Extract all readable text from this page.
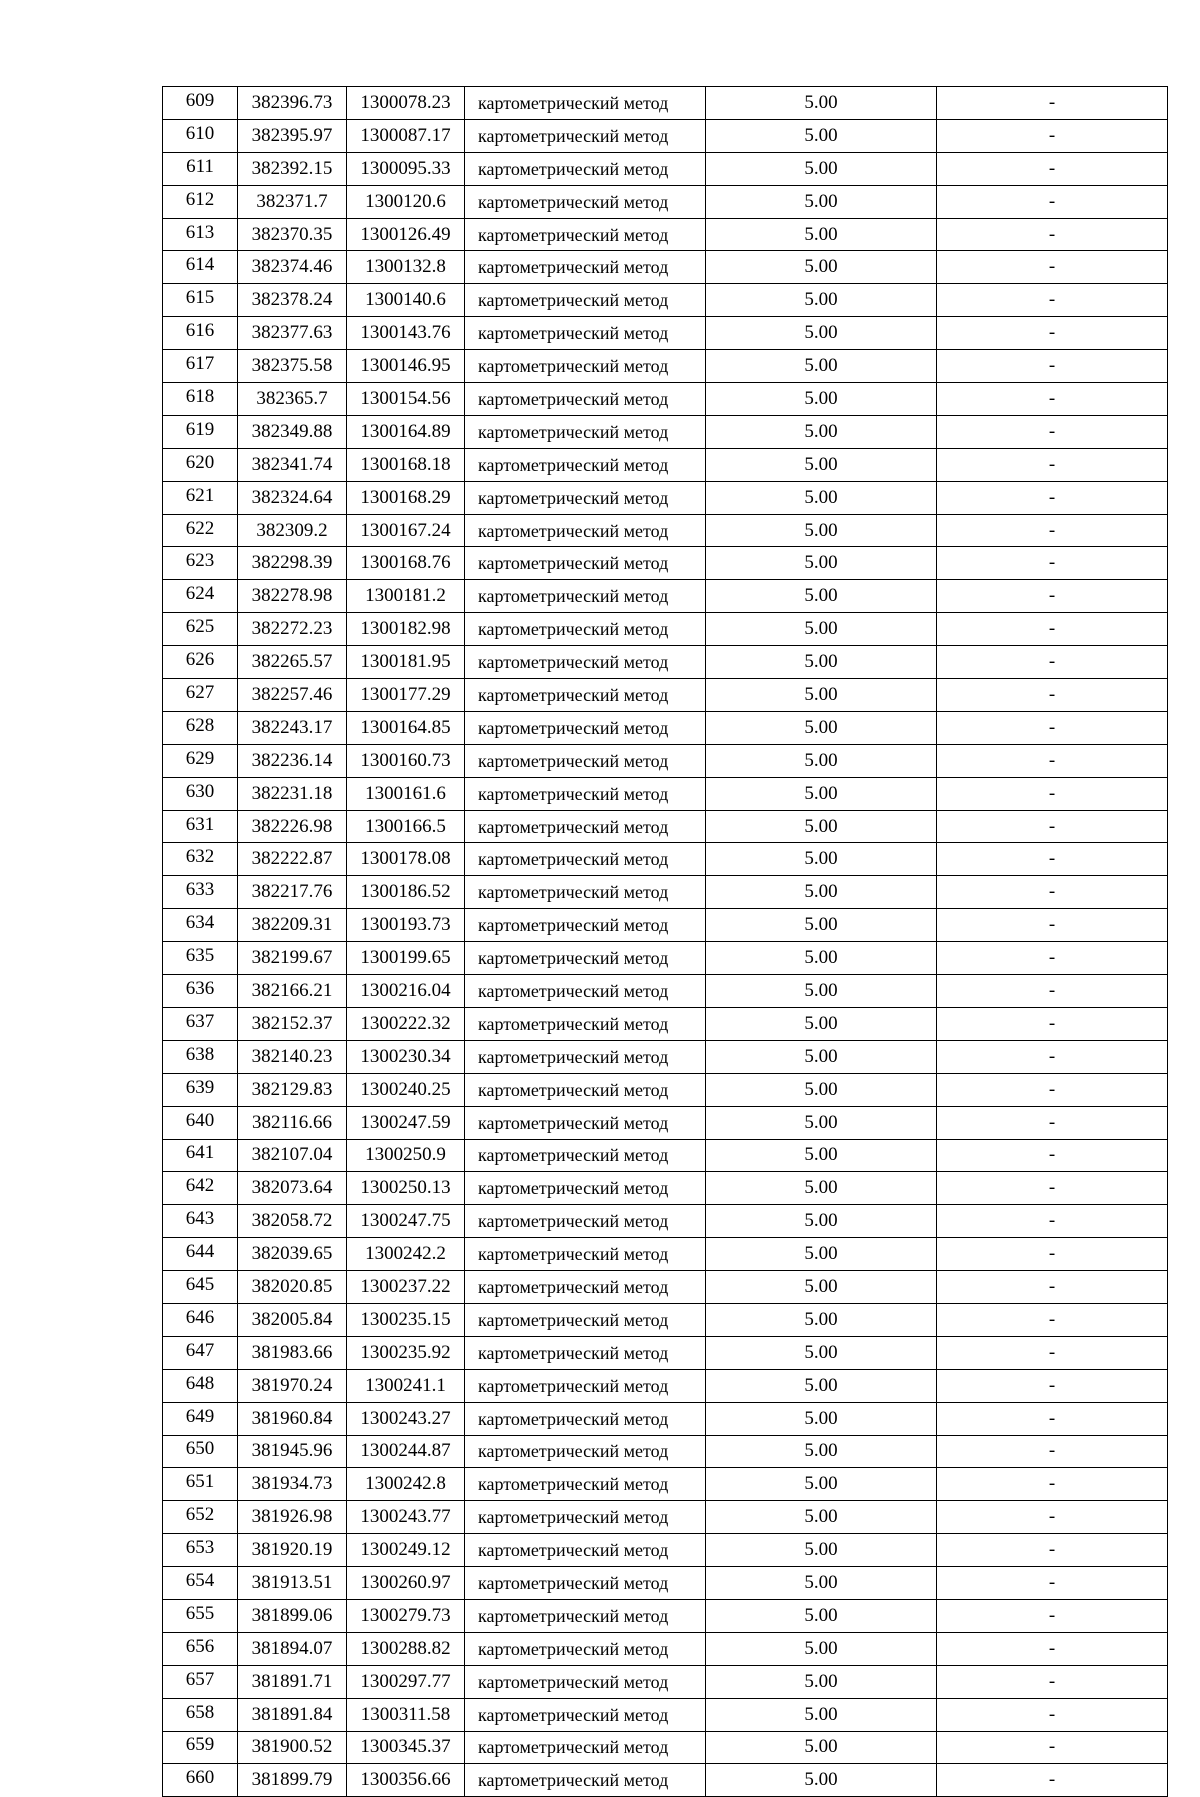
609	382396.73	1300078.23	картометрический метод	5.00	-
610	382395.97	1300087.17	картометрический метод	5.00	-
611	382392.15	1300095.33	картометрический метод	5.00	-
612	382371.7	1300120.6	картометрический метод	5.00	-
613	382370.35	1300126.49	картометрический метод	5.00	-
614	382374.46	1300132.8	картометрический метод	5.00	-
615	382378.24	1300140.6	картометрический метод	5.00	-
616	382377.63	1300143.76	картометрический метод	5.00	-
617	382375.58	1300146.95	картометрический метод	5.00	-
618	382365.7	1300154.56	картометрический метод	5.00	-
619	382349.88	1300164.89	картометрический метод	5.00	-
620	382341.74	1300168.18	картометрический метод	5.00	-
621	382324.64	1300168.29	картометрический метод	5.00	-
622	382309.2	1300167.24	картометрический метод	5.00	-
623	382298.39	1300168.76	картометрический метод	5.00	-
624	382278.98	1300181.2	картометрический метод	5.00	-
625	382272.23	1300182.98	картометрический метод	5.00	-
626	382265.57	1300181.95	картометрический метод	5.00	-
627	382257.46	1300177.29	картометрический метод	5.00	-
628	382243.17	1300164.85	картометрический метод	5.00	-
629	382236.14	1300160.73	картометрический метод	5.00	-
630	382231.18	1300161.6	картометрический метод	5.00	-
631	382226.98	1300166.5	картометрический метод	5.00	-
632	382222.87	1300178.08	картометрический метод	5.00	-
633	382217.76	1300186.52	картометрический метод	5.00	-
634	382209.31	1300193.73	картометрический метод	5.00	-
635	382199.67	1300199.65	картометрический метод	5.00	-
636	382166.21	1300216.04	картометрический метод	5.00	-
637	382152.37	1300222.32	картометрический метод	5.00	-
638	382140.23	1300230.34	картометрический метод	5.00	-
639	382129.83	1300240.25	картометрический метод	5.00	-
640	382116.66	1300247.59	картометрический метод	5.00	-
641	382107.04	1300250.9	картометрический метод	5.00	-
642	382073.64	1300250.13	картометрический метод	5.00	-
643	382058.72	1300247.75	картометрический метод	5.00	-
644	382039.65	1300242.2	картометрический метод	5.00	-
645	382020.85	1300237.22	картометрический метод	5.00	-
646	382005.84	1300235.15	картометрический метод	5.00	-
647	381983.66	1300235.92	картометрический метод	5.00	-
648	381970.24	1300241.1	картометрический метод	5.00	-
649	381960.84	1300243.27	картометрический метод	5.00	-
650	381945.96	1300244.87	картометрический метод	5.00	-
651	381934.73	1300242.8	картометрический метод	5.00	-
652	381926.98	1300243.77	картометрический метод	5.00	-
653	381920.19	1300249.12	картометрический метод	5.00	-
654	381913.51	1300260.97	картометрический метод	5.00	-
655	381899.06	1300279.73	картометрический метод	5.00	-
656	381894.07	1300288.82	картометрический метод	5.00	-
657	381891.71	1300297.77	картометрический метод	5.00	-
658	381891.84	1300311.58	картометрический метод	5.00	-
659	381900.52	1300345.37	картометрический метод	5.00	-
660	381899.79	1300356.66	картометрический метод	5.00	-
